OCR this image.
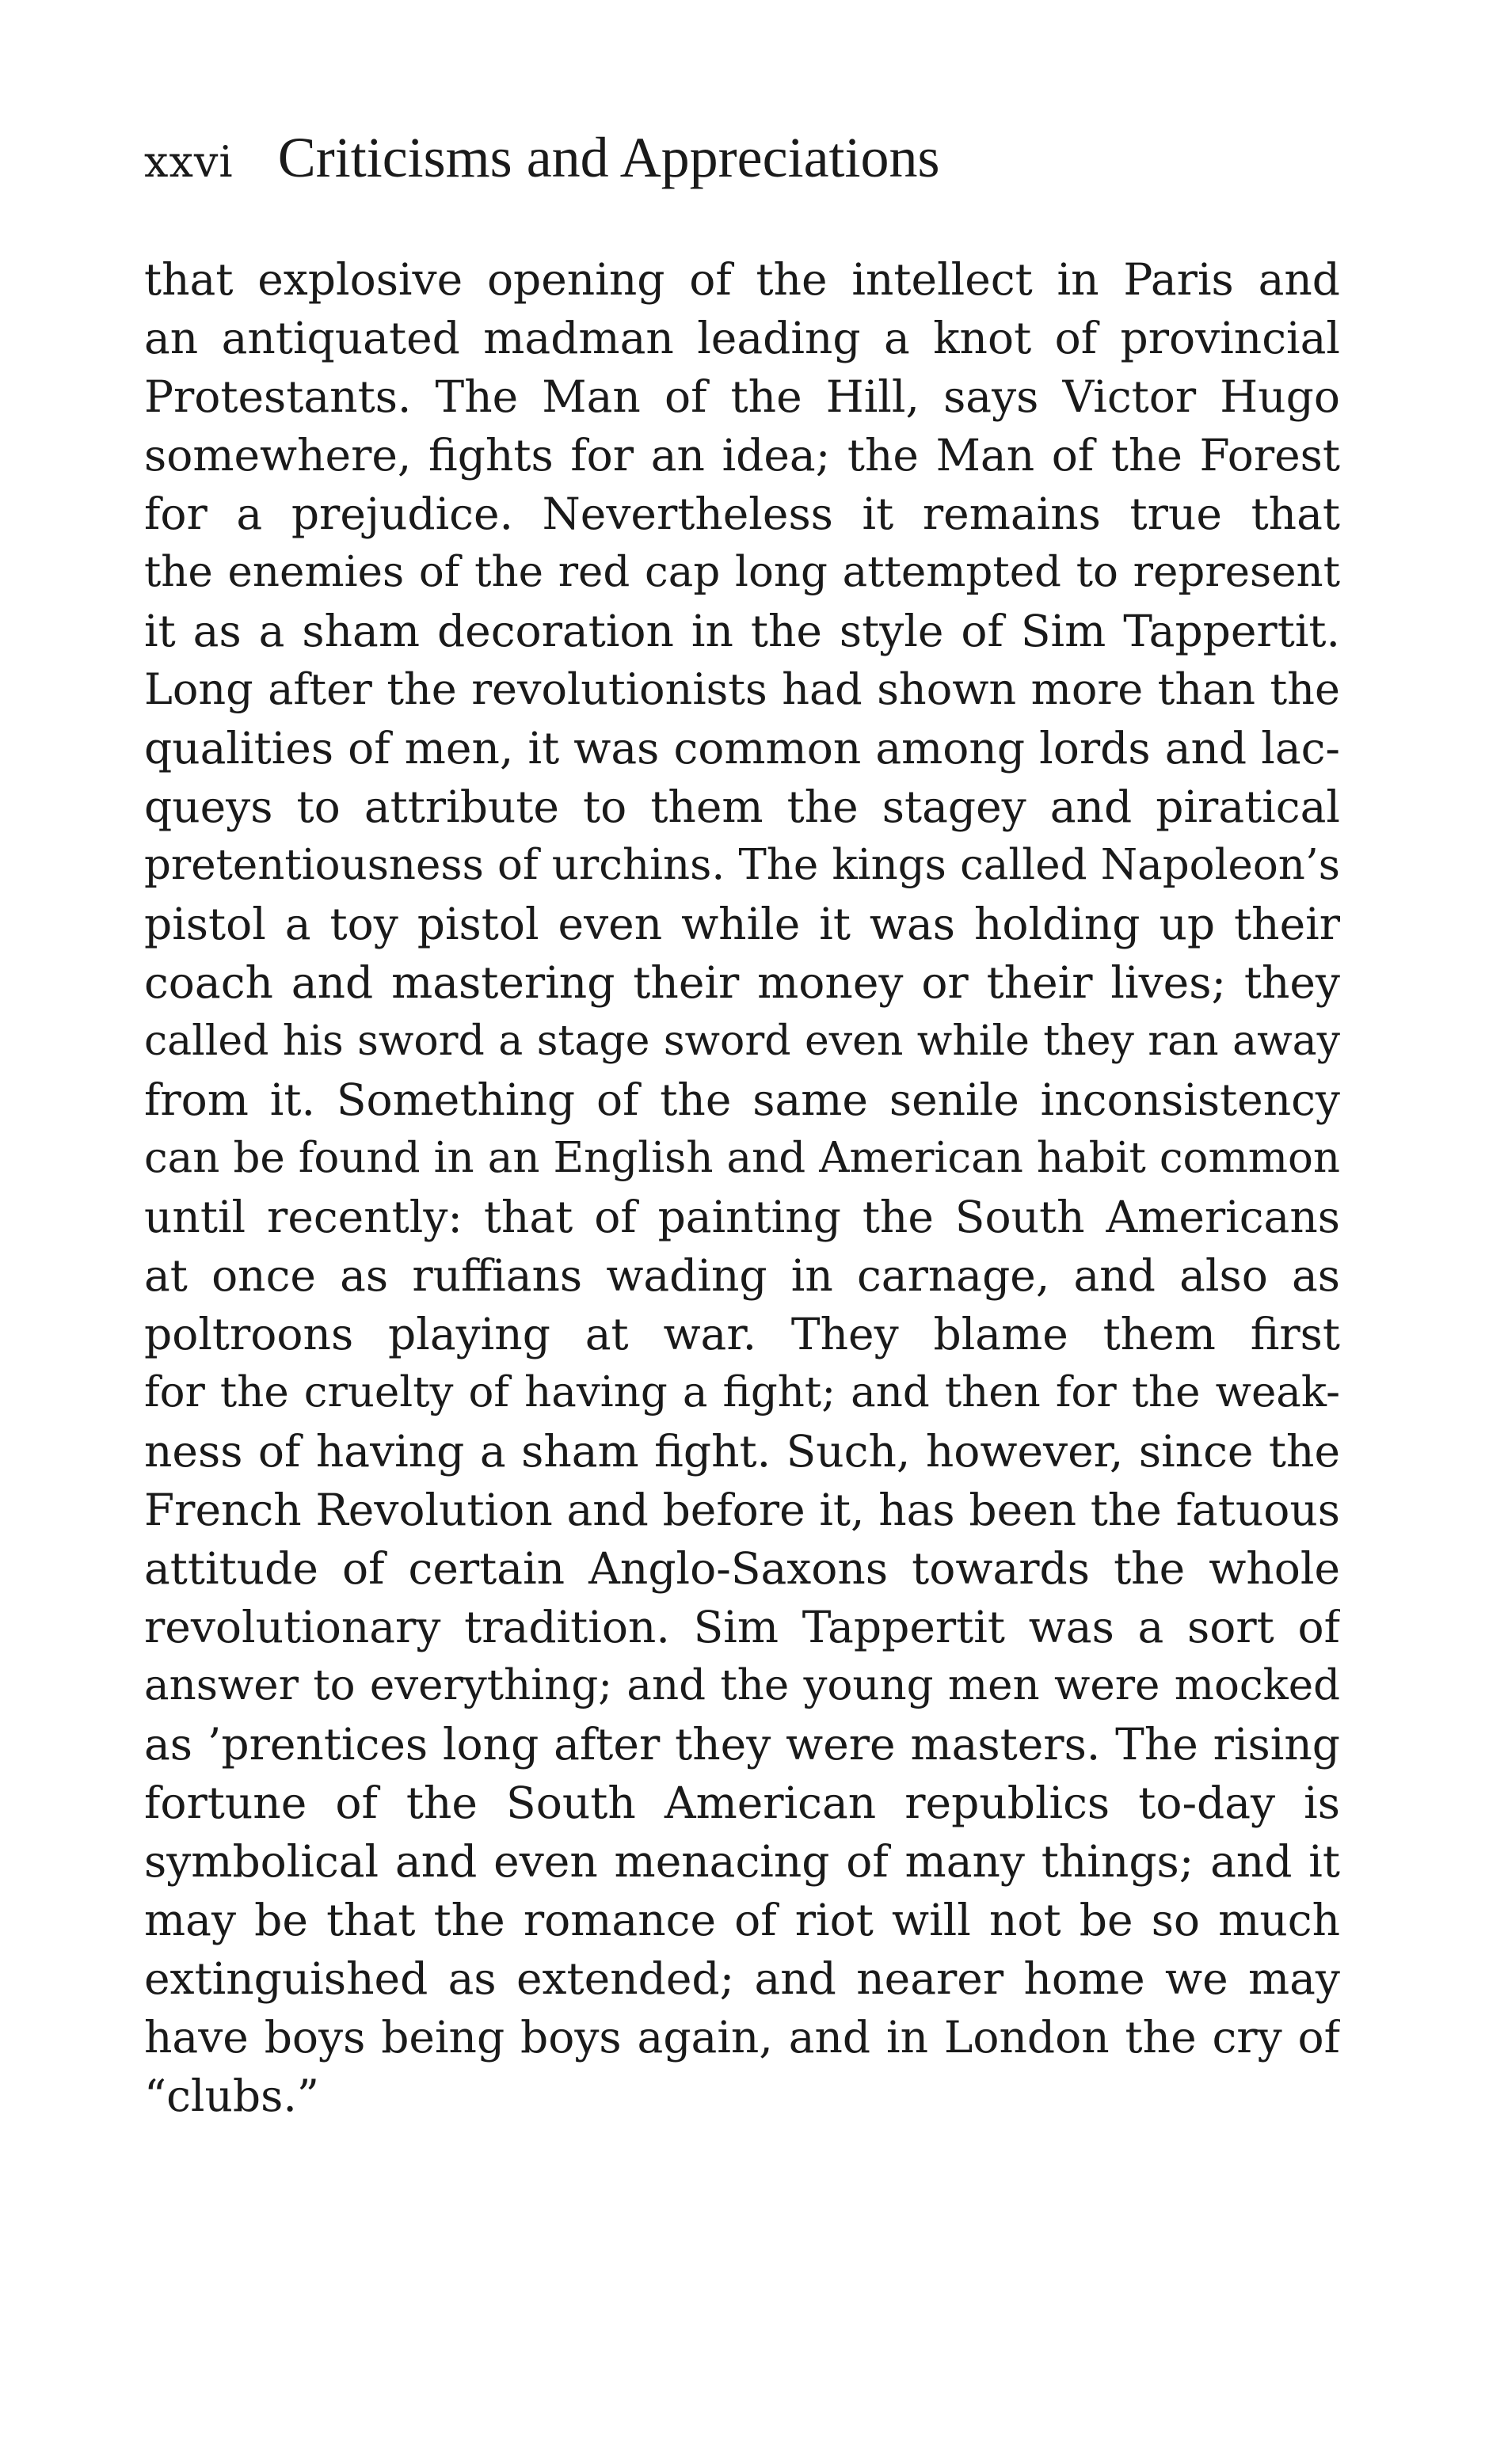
xxvi Criticisms and Appreciations
that explosive opening of the intellect in Paris and
an antiquated madman leading a knot of provincial
Protestants. The Man of the Hill, says Victor Hugo
somewhere, fights for an idea; the Man of the Forest
for a prejudice. Nevertheless it remains true that
the enemies of the red cap long attempted to represent
it as a sham decoration in the style of Sim Tappertit.
Long after the revolutionists had shown more than the
qualities of men, it was common among lords and lac-
queys to attribute to them the stagey and piratical
pretentiousness of urchins. The kings called Napoleon’s
pistol a toy pistol even while it was holding up their
coach and mastering their money or their lives; they
called his sword a stage sword even while they ran away
from it. Something of the same senile inconsistency
can be found in an English and American habit common
until recently: that of painting the South Americans
at once as ruffians wading in carnage, and also as
poltroons playing at war. They blame them first
for the cruelty of having a fight; and then for the weak-
ness of having a sham fight. Such, however, since the
French Revolution and before it, has been the fatuous
attitude of certain Anglo-Saxons towards the whole
revolutionary tradition. Sim Tappertit was a sort of
answer to everything; and the young men were mocked
as ’prentices long after they were masters. The rising
fortune of the South American republics to-day is
symbolical and even menacing of many things; and it
may be that the romance of riot will not be so much
extinguished as extended; and nearer home we may
have boys being boys again, and in London the cry of
“clubs.”
